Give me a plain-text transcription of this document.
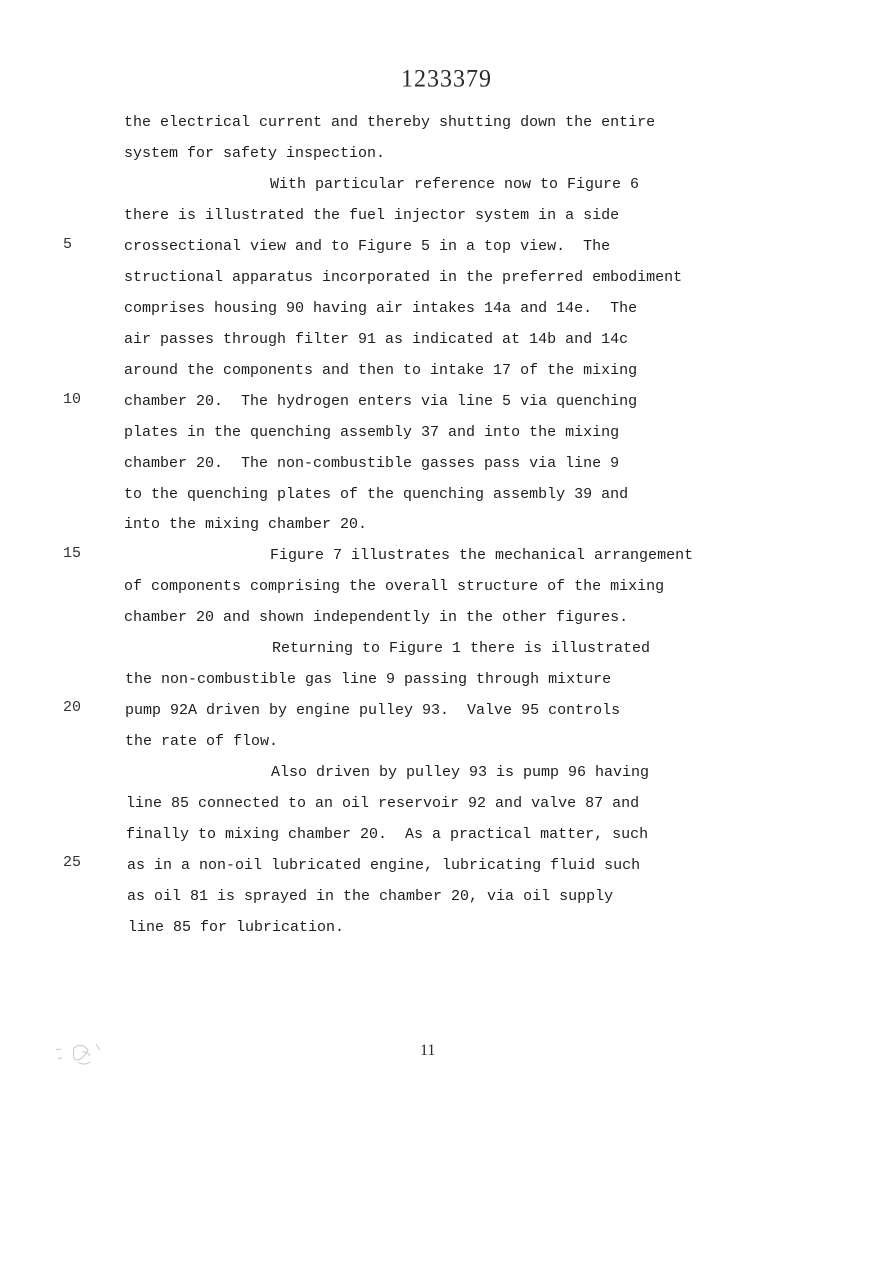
1233379
5
10
15
20
25
the electrical current and thereby shutting down the entire
system for safety inspection.
With particular reference now to Figure 6
there is illustrated the fuel injector system in a side
crossectional view and to Figure 5 in a top view.  The
structional apparatus incorporated in the preferred embodiment
comprises housing 90 having air intakes 14a and 14e.  The
air passes through filter 91 as indicated at 14b and 14c
around the components and then to intake 17 of the mixing
chamber 20.  The hydrogen enters via line 5 via quenching
plates in the quenching assembly 37 and into the mixing
chamber 20.  The non-combustible gasses pass via line 9
to the quenching plates of the quenching assembly 39 and
into the mixing chamber 20.
Figure 7 illustrates the mechanical arrangement
of components comprising the overall structure of the mixing
chamber 20 and shown independently in the other figures.
Returning to Figure 1 there is illustrated
the non-combustible gas line 9 passing through mixture
pump 92A driven by engine pulley 93.  Valve 95 controls
the rate of flow.
Also driven by pulley 93 is pump 96 having
line 85 connected to an oil reservoir 92 and valve 87 and
finally to mixing chamber 20.  As a practical matter, such
as in a non-oil lubricated engine, lubricating fluid such
as oil 81 is sprayed in the chamber 20, via oil supply
line 85 for lubrication.
11
